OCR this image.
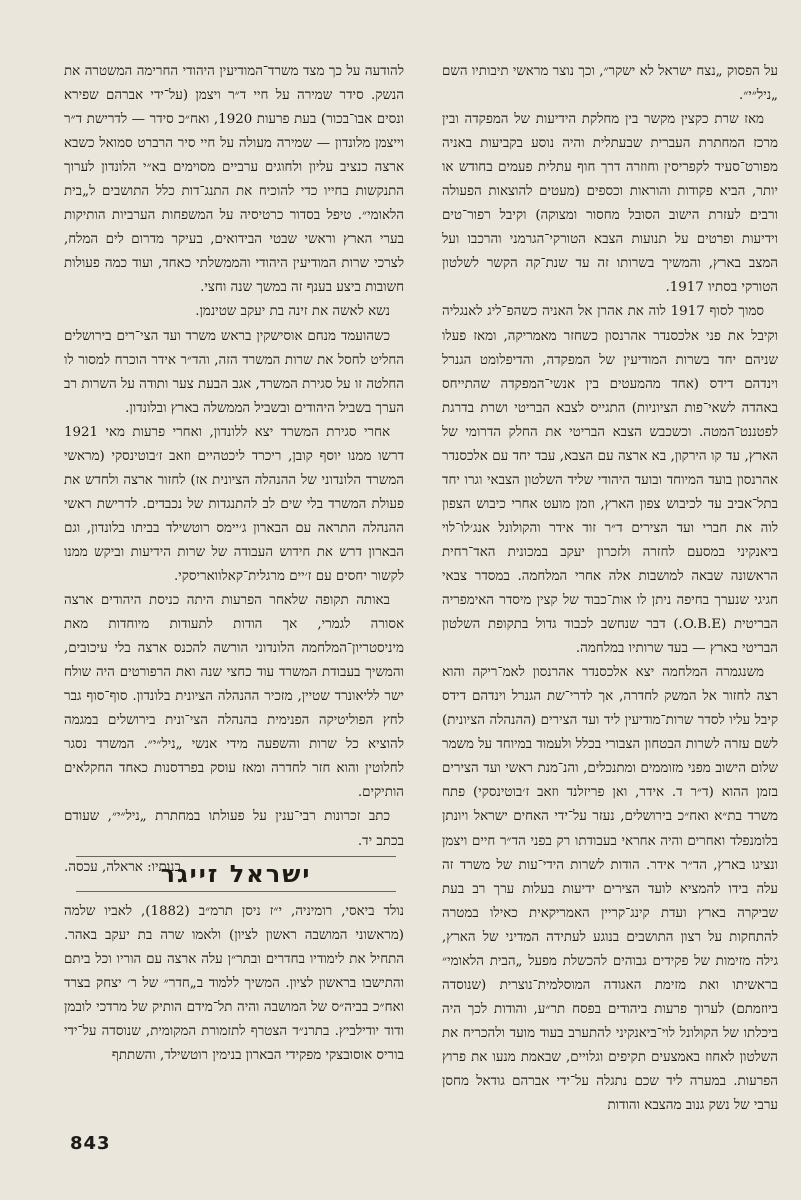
על הפסוק „נצח ישראל לא ישקר״, וכך נוצר מראשי תיבותיו השם „ניל״י״.

מאז שרת כקצין מקשר בין מחלקת הידיעות של המפקדה ובין מרכז המחתרת העברית שבעתלית והיה נוסע בקביעות באניה מפורט־סעיד לקפריסין וחוזרה דרך חוף עתלית פעמים בחודש או יותר, הביא פקודות והוראות וכספים (מעטים להוצאות הפעולה ורבים לעזרת הישוב הסובל מחסור ומצוקה) וקיבל רפור־טים וידיעות ופרטים על תנועות הצבא הטורקי־הגרמני והרכבו ועל המצב בארץ, והמשיך בשרותו זה עד שנת־קה הקשר לשלטון הטורקי בסתיו 1917.

סמוך לסוף 1917 לוה את אהרן אל האניה כשהפ־ליג לאנגליה וקיבל את פני אלכסנדר אהרנסון כשחזר מאמריקה, ומאז פעלו שניהם יחד בשרות המודיעין של המפקדה, והדיפלומט הגנרל וינדהם דידס (אחד מהמעטים בין אנשי־המפקדה שהתייחס באהדה לשאי־פות הציוניות) התגייס לצבא הבריטי ושרת בדרגת לפטננט־המטה. וכשכבש הצבא הבריטי את החלק הדרומי של הארץ, עד קו הירקון, בא ארצה עם הצבא, עבד יחד עם אלכסנדר אהרנסון בועד המיוחד ובועד היהודי שליד השלטון הצבאי וגרו יחד בתל־אביב עד לכיבוש צפון הארץ, וזמן מועט אחרי כיבוש הצפון לוה את חברי ועד הצירים ד״ר זוד אידר והקולונל אנג׳לו־לוי ביאנקיני במסעם לחזרה ולזכרון יעקב במכונית האד־רחית הראשונה שבאה למושבות אלה אחרי המלחמה. במסדר צבאי חגיגי שנערך בחיפה ניתן לו אות־כבוד של קצין מיסדר האימפריה הבריטית (O.B.E.) דבר שנחשב לכבוד גדול בתקופת השלטון הבריטי בארץ — בעד שרותיו במלחמה.

משנגמרה המלחמה יצא אלכסנדר אהרנסון לאמ־ריקה והוא רצה לחזור אל המשק לחדרה, אך לדרי־שת הגנרל וינדהם דידס קיבל עליו לסדר שרות־מודיעין ליד ועד הצירים (ההנהלה הציונית) לשם עזרה לשרות הבטחון הצבורי בכלל ולעמוד במיוחד על משמר שלום הישוב מפני מזוממים ומתנכלים, והנ־מנת ראשי ועד הצירים בזמן ההוא (ד״ר ד. אידר, ואן פריזלנד וזאב ז׳בוטינסקי) פתח משרד בת״א ואח״כ בירושלים, נעזר על־ידי האחים ישראל ויונתן בלומנפלד ואחרים והיה אחראי בעבודתו רק בפני הד״ר חיים ויצמן ונציגו בארץ, הד״ר אידר. הודות לשרות הידי־עות של משרד זה עלה בידו להמציא לועד הצירים ידיעות בעלות ערך רב בעת שביקרה בארץ ועדת קינג־קריין האמריקאית כאילו במטרה להתחקות על רצון התושבים בנוגע לעתידה המדיני של הארץ, גילה מזימות של פקידים גבוהים להכשלת מפעל „הבית הלאומי״ בראשיתו ואת מזימת האגודה המוסלמית־נוצרית (שנוסדה ביוזמתם) לערוך פרעות ביהודים בפסח תר״ע, והודות לכך היה ביכלתו של הקולונל לוי־ביאנקיני להתערב בעוד מועד ולהכריח את השלטון לאחוז באמצעים תקיפים וגלויים, שבאמת מנעו את פרוץ הפרעות. במערה ליד שכם נתגלה על־ידי אברהם גודאל מחסן ערבי של נשק גנוב מהצבא והודות

להודעה על כך מצד משרד־המודיעין היהודי החרימה המשטרה את הנשק. סידר שמירה על חיי ד״ר ויצמן (על־ידי אברהם שפירא ונסים אבו־בכור) בעת פרעות 1920, ואח״כ סידר — לדרישת ד״ר וייצמן מלונדון — שמירה מעולה על חיי סיר הרברט סמואל כשבא ארצה כנציב עליון ולחוגים ערביים מסוימים בא״י הלונדון לערוך התנקשות בחייו כדי להוכיח את התנג־דות כלל התושבים ל„בית הלאומי״. טיפל בסדור כרטיסיה על המשפחות הערביות הותיקות בערי הארץ וראשי שבטי הבידואים, בעיקר מדרום לים המלח, לצרכי שרות המודיעין היהודי והממשלתי כאחד, ועוד כמה פעולות חשובות ביצע בענף זה במשך שנה וחצי.

נשא לאשה את זינה בת יעקב שטינמן.

כשהועמד מנחם אוסישקין בראש משרד ועד הצי־רים בירושלים החליט לחסל את שרות המשרד הזה, והד״ר אידר הוכרח למסור לו החלטה זו על סגירת המשרד, אגב הבעת צער ותודה על השרות רב הערך בשביל היהודים ובשביל הממשלה בארץ ובלונדון.

אחרי סגירת המשרד יצא ללונדון, ואחרי פרעות מאי 1921 דרשו ממנו יוסף קובן, ריכרד ליכטהיים וזאב ז׳בוטינסקי (מראשי המשרד הלונדוני של ההנהלה הציונית אז) לחזור ארצה ולחדש את פעולת המשרד בלי שים לב להתנגדות של נכבדים. לדרישת ראשי ההנהלה התראה עם הבארון ג׳יימס רוטשילד בביתו בלונדון, וגם הבארון דרש את חידוש העבודה של שרות הידיעות וביקש ממנו לקשור יחסים עם ז׳יים מרגלית־קאלוואריסקי.

באותה תקופה שלאחר הפרעות היתה כניסת היהודים ארצה אסורה לגמרי, אך הודות לתעודות מיוחדות מאת מיניסטריון־המלחמה הלונדוני הורשה להכנס ארצה בלי עיכובים, והמשיך בעבודת המשרד עוד כחצי שנה ואת הרפורטים היה שולח ישר לליאונרד שטיין, מזכיר ההנהלה הציונית בלונדון. סוף־סוף גבר לחץ הפוליטיקה הפנימית בהנהלה הצי־ונית בירושלים במגמה להוציא כל שרות והשפעה מידי אנשי „ניל״י״. המשרד נסגר לחלוטין והוא חזר לחדרה ומאז עוסק בפרדסנות כאחד החקלאים הותיקים.

כתב זכרונות רבי־ענין על פעולתו במחתרת „ניל״י״, שעודם בכתב יד.

בנותיו: אראלה, עכסה.
ישראל זייגר

נולד ביאסי, רומיניה, י״ז ניסן תרמ״ב (1882), לאביו שלמה (מראשוני המושבה ראשון לציון) ולאמו שרה בת יעקב באהר. התחיל את לימודיו בחדרים ובתר״ן עלה ארצה עם הוריו וכל ביתם והתישבו בראשון לציון. המשיך ללמוד ב„חדר״ של ר׳ יצחק בצרד ואח״כ בביה״ס של המושבה והיה תל־מידם הותיק של מרדכי לובמן ודוד יודילביץ. בתרנ״ד הצטרף לתזמורת המקומית, שנוסדה על־ידי בוריס אוסובצקי מפקידי הבארון בנימין רוטשילד, והשתתף

843
